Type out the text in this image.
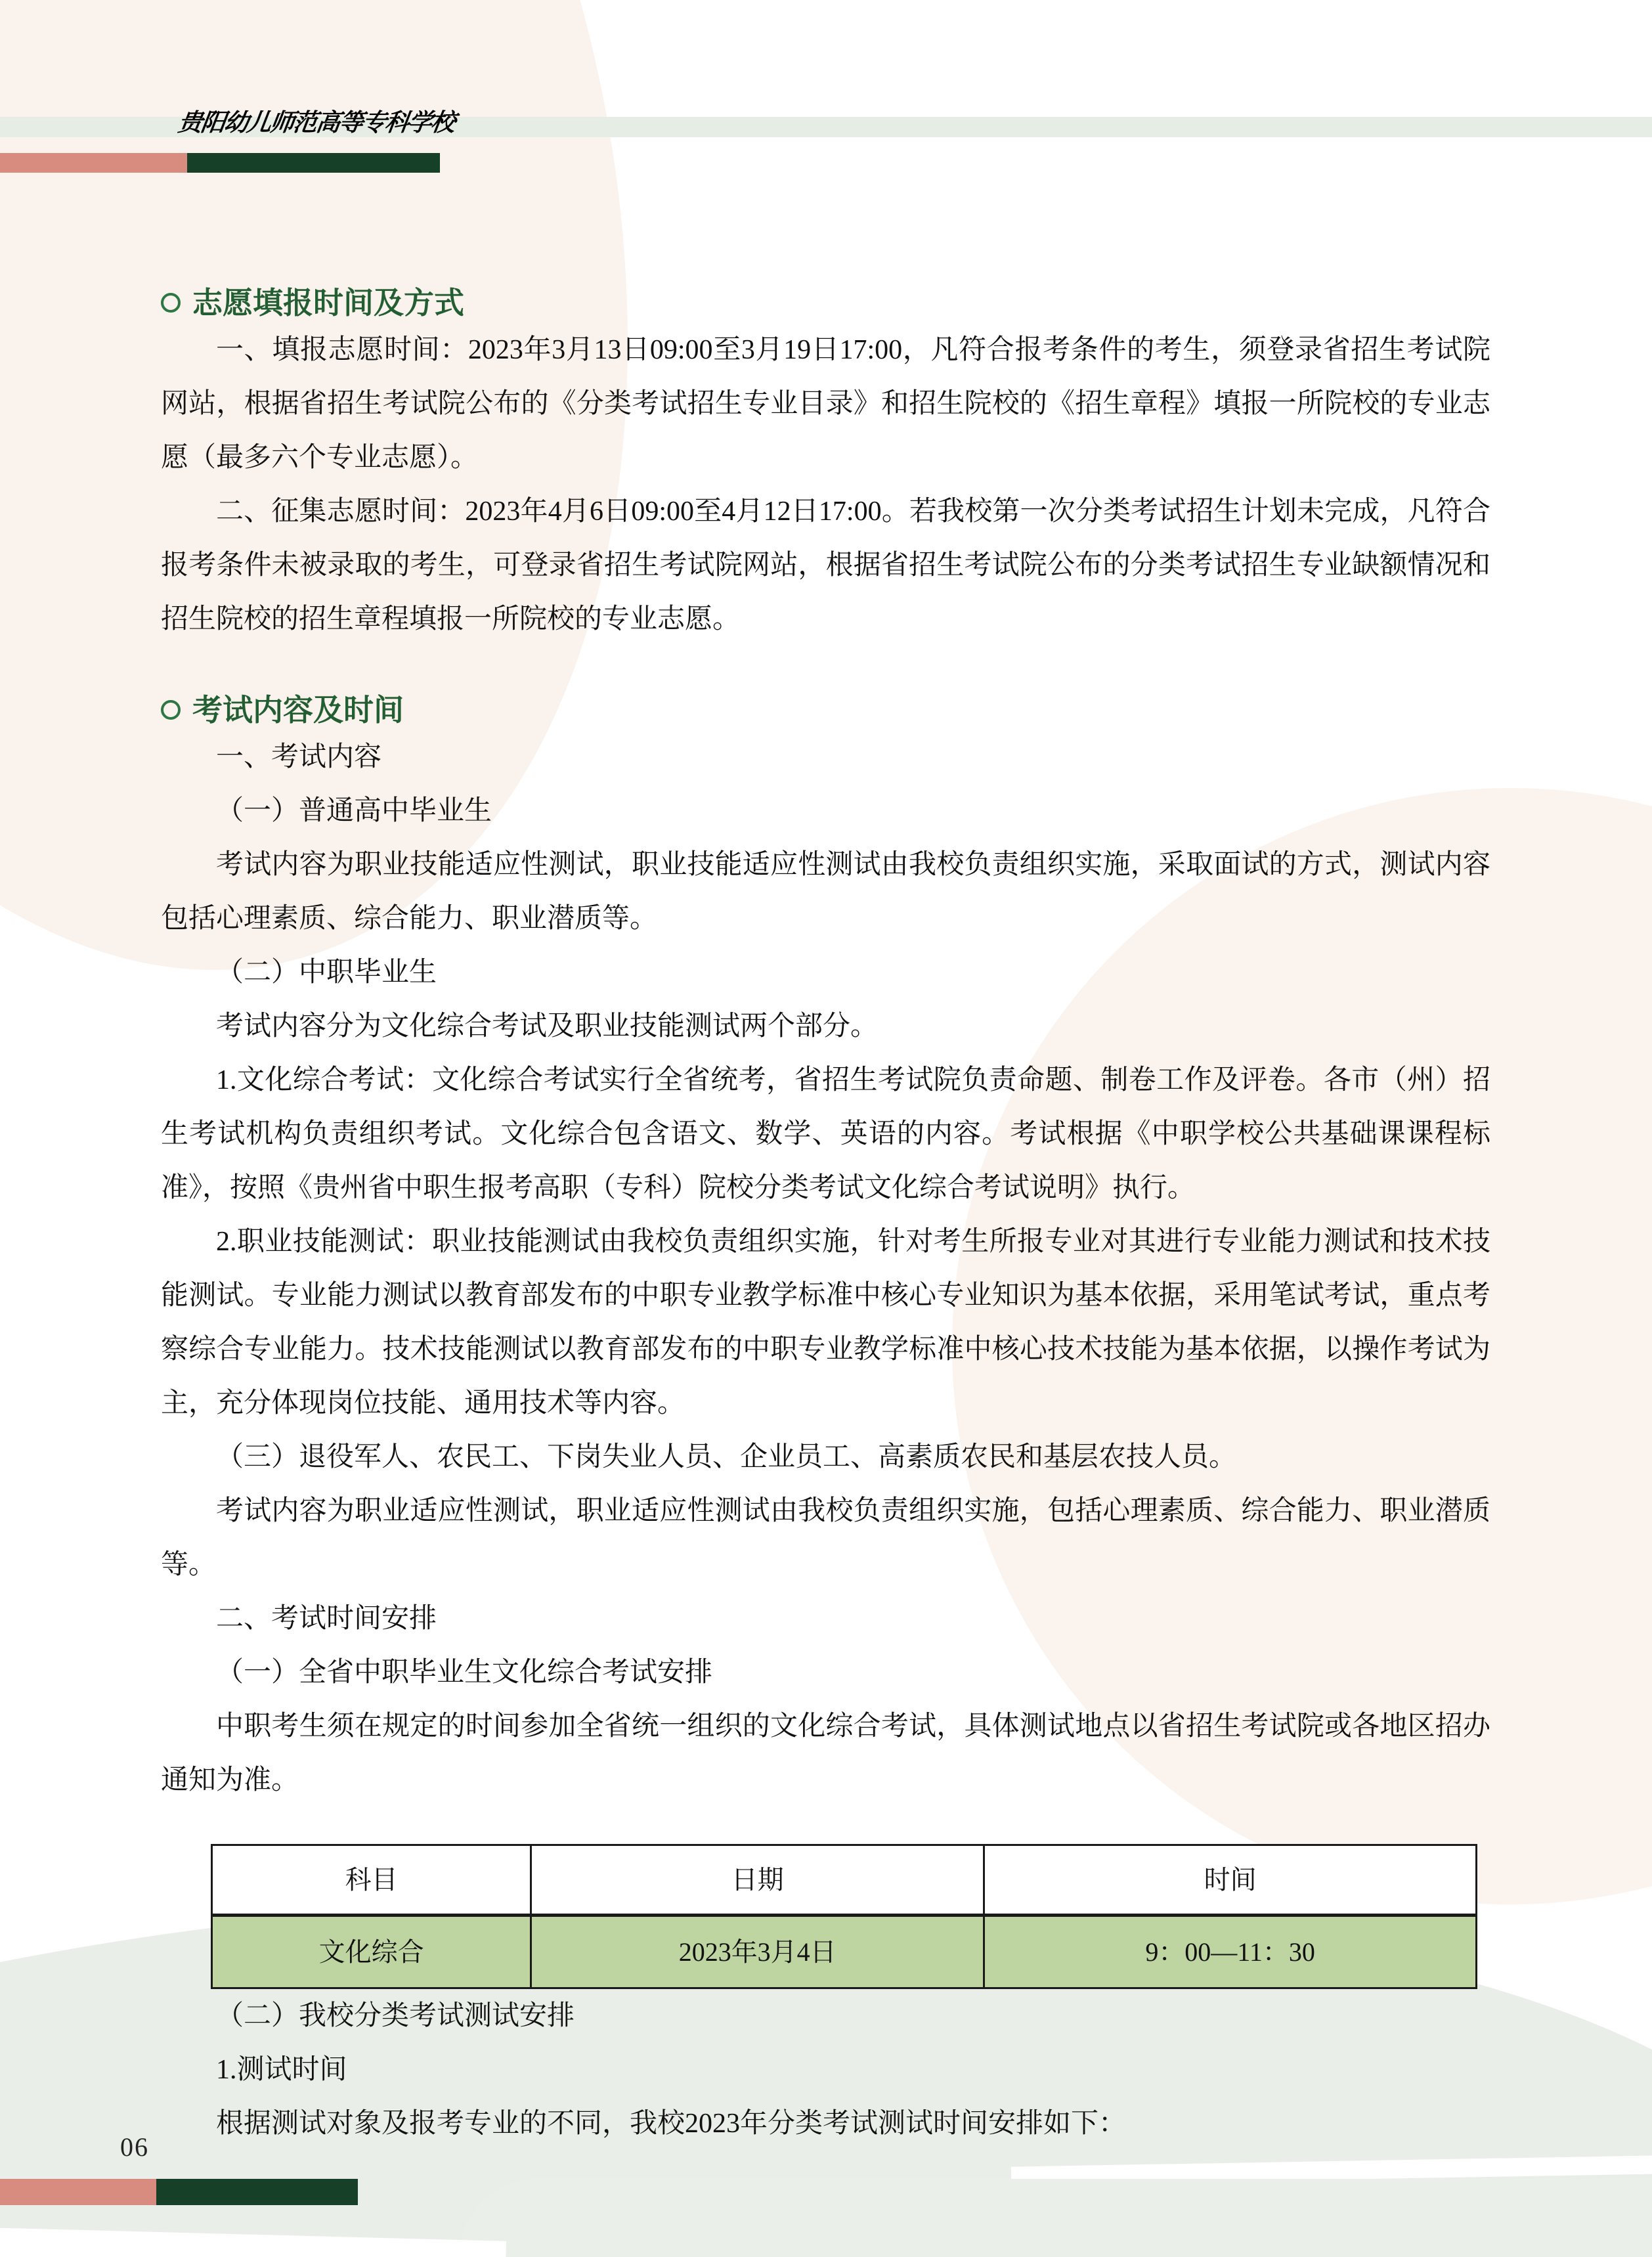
贵阳幼儿师范高等专科学校
志愿填报时间及方式

一、填报志愿时间：2023年3月13日09:00至3月19日17:00，凡符合报考条件的考生，须登录省招生考试院网站，根据省招生考试院公布的《分类考试招生专业目录》和招生院校的《招生章程》填报一所院校的专业志愿（最多六个专业志愿）。

二、征集志愿时间：2023年4月6日09:00至4月12日17:00。若我校第一次分类考试招生计划未完成，凡符合报考条件未被录取的考生，可登录省招生考试院网站，根据省招生考试院公布的分类考试招生专业缺额情况和招生院校的招生章程填报一所院校的专业志愿。

考试内容及时间

一、考试内容

（一）普通高中毕业生

考试内容为职业技能适应性测试，职业技能适应性测试由我校负责组织实施，采取面试的方式，测试内容包括心理素质、综合能力、职业潜质等。

（二）中职毕业生

考试内容分为文化综合考试及职业技能测试两个部分。

1.文化综合考试：文化综合考试实行全省统考，省招生考试院负责命题、制卷工作及评卷。各市（州）招生考试机构负责组织考试。文化综合包含语文、数学、英语的内容。考试根据《中职学校公共基础课课程标准》，按照《贵州省中职生报考高职（专科）院校分类考试文化综合考试说明》执行。

2.职业技能测试：职业技能测试由我校负责组织实施，针对考生所报专业对其进行专业能力测试和技术技能测试。专业能力测试以教育部发布的中职专业教学标准中核心专业知识为基本依据，采用笔试考试，重点考察综合专业能力。技术技能测试以教育部发布的中职专业教学标准中核心技术技能为基本依据，以操作考试为主，充分体现岗位技能、通用技术等内容。

（三）退役军人、农民工、下岗失业人员、企业员工、高素质农民和基层农技人员。

考试内容为职业适应性测试，职业适应性测试由我校负责组织实施，包括心理素质、综合能力、职业潜质等。

二、考试时间安排

（一）全省中职毕业生文化综合考试安排

中职考生须在规定的时间参加全省统一组织的文化综合考试，具体测试地点以省招生考试院或各地区招办通知为准。

科目	日期	时间
文化综合	2023年3月4日	9：00—11：30

（二）我校分类考试测试安排

1.测试时间

根据测试对象及报考专业的不同，我校2023年分类考试测试时间安排如下：

06
